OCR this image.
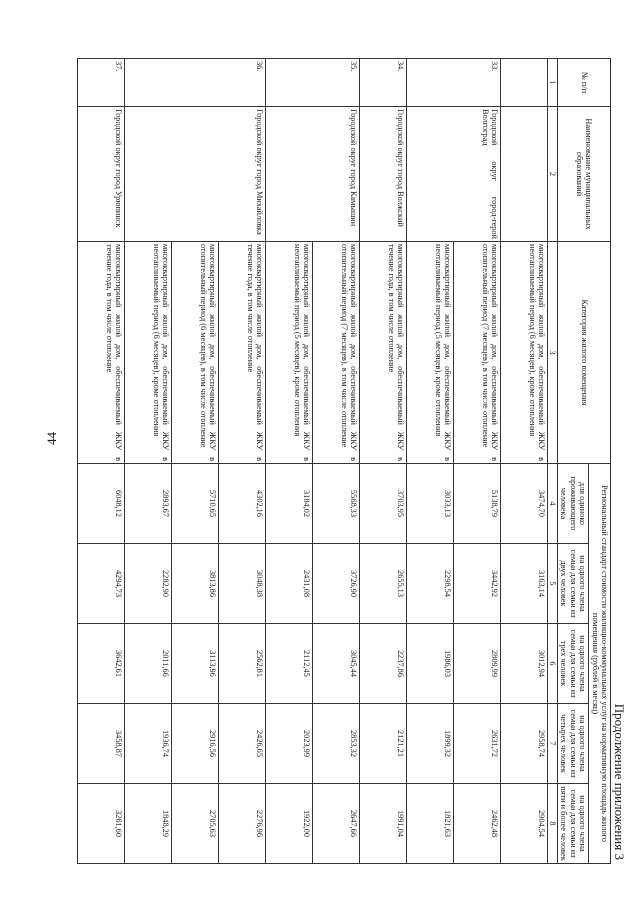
44
Продолжение приложения 3
№ п/п	Наименование муниципальных образований	Категория жилого помещения	Региональный стандарт стоимости жилищно-коммунальных услуг на нормативную площадь жилого помещения (рублей в месяц)				
			для одиноко проживающего человека	на одного члена семьи для семьи из двух человек	на одного члена семьи для семьи из трех человек	на одного члена семьи для семьи из четырех человек	на одного члена семьи для семьи из пяти и более человек
1	2	3	4	5	6	7	8
		многоквартирный жилой дом, обеспечиваемый ЖКУ в неотапливаемый период (6 месяцев), кроме отопления	3474,70	3163,14	3012,94	2958,74	2904,54
33.	Городской округ город-герой Волгоград	многоквартирный жилой дом, обеспечиваемый ЖКУ в отопительный период (7 месяцев), в том числе отопление	5138,79	3442,92	2809,99	2631,72	2462,48
		многоквартирный жилой дом, обеспечиваемый ЖКУ в неотапливаемый период (5 месяцев), кроме отопления	3033,13	2298,54	1986,03	1899,32	1821,63
34.	Городской округ город Волжский	многоквартирный жилой дом, обеспечиваемый ЖКУ в течение года, в том числе отопление	3703,95	2655,13	2237,86	2121,21	1991,04
35.	Городской округ город Камышин	многоквартирный жилой дом, обеспечиваемый ЖКУ в отопительный период (7 месяцев), в том числе отопление	5568,33	3726,90	3045,44	2853,32	2647,66
		многоквартирный жилой дом, обеспечиваемый ЖКУ в неотапливаемый период (5 месяцев), кроме отопления	3184,02	2431,08	2112,45	2023,99	1922,00
36.	Городской округ город Михайловка	многоквартирный жилой дом, обеспечиваемый ЖКУ в течение года, в том числе отопление	4302,16	3048,38	2562,81	2426,65	2276,96
		многоквартирный жилой дом, обеспечиваемый ЖКУ в отопительный период (6 месяцев), в том числе отопление	5710,65	3813,86	3113,96	2916,56	2705,63
		многоквартирный жилой дом, обеспечиваемый ЖКУ в неотапливаемый период (6 месяцев), кроме отопления	2893,67	2282,90	2011,66	1936,74	1848,29
37.	Городской округ город Урюпинск	многоквартирный жилой дом, обеспечиваемый ЖКУ в течение года, в том числе отопление	6048,12	4294,73	3642,61	3458,87	3261,60
